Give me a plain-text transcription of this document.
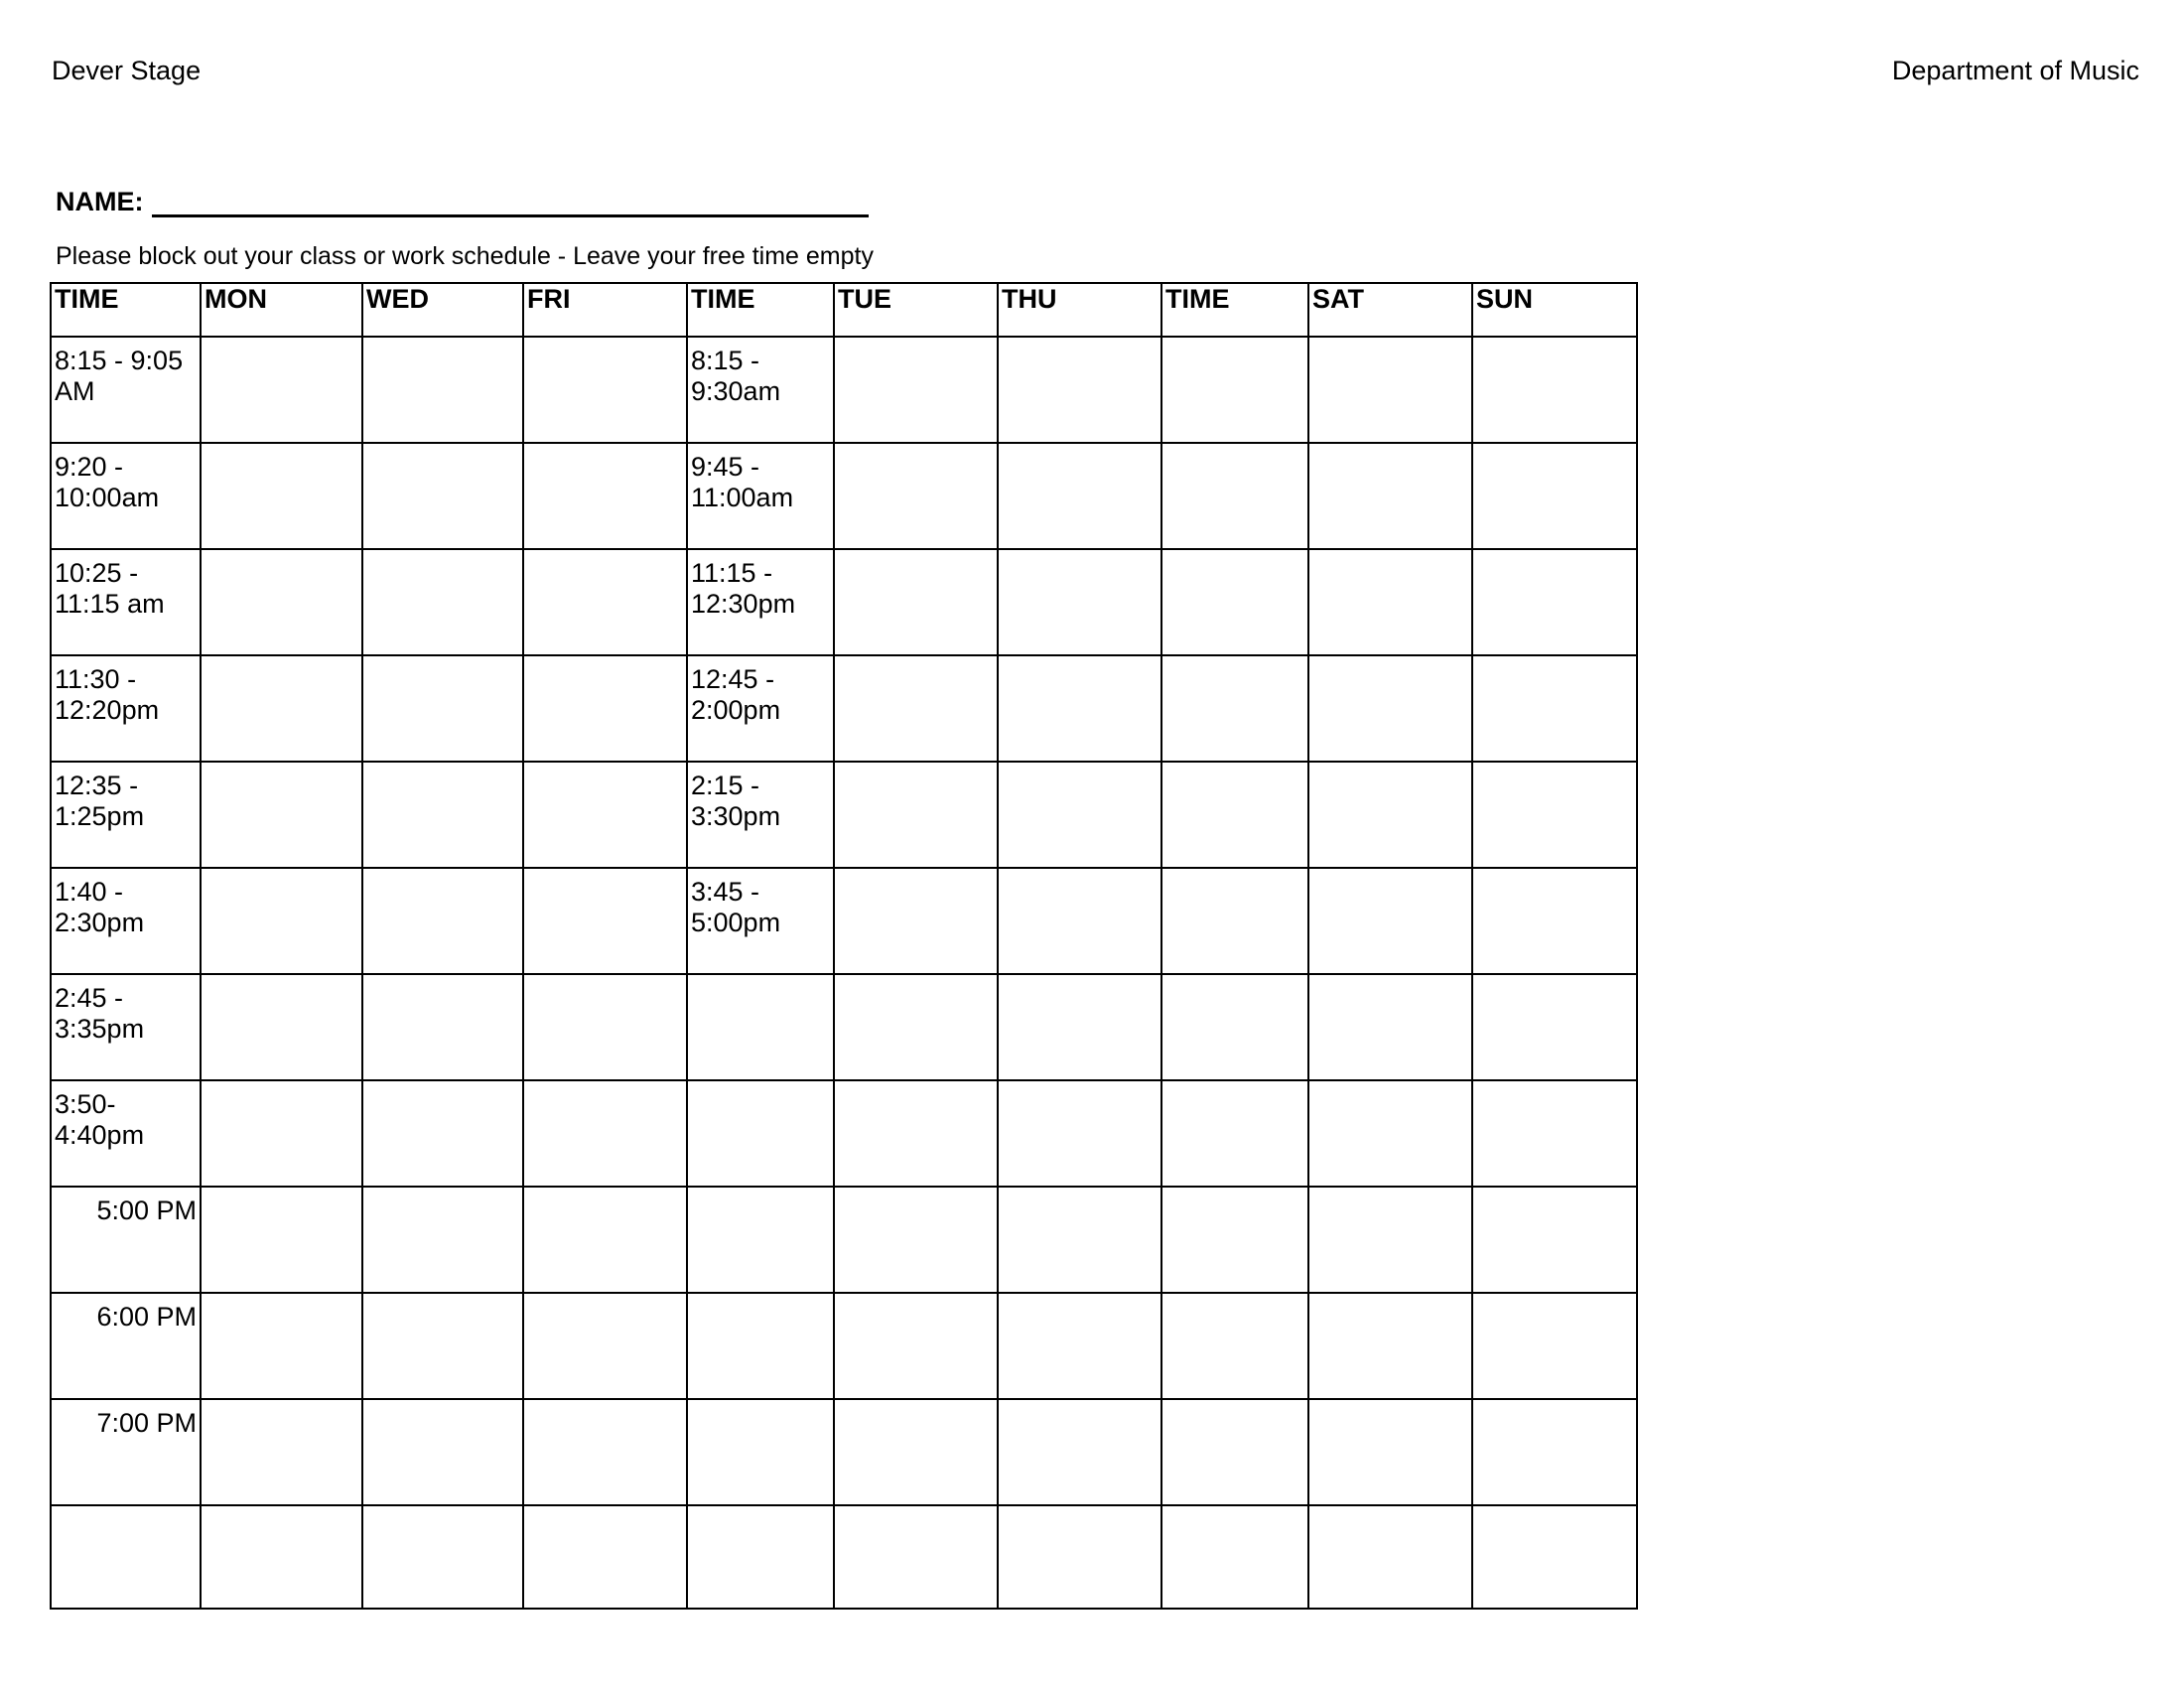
Dever Stage	Department of Music
NAME:
Please block out your class or work schedule - Leave your free time empty
TIME	MON	WED	FRI	TIME	TUE	THU	TIME	SAT	SUN
8:15 - 9:05 AM				8:15 - 9:30am					
9:20 - 10:00am				9:45 - 11:00am					
10:25 - 11:15 am				11:15 - 12:30pm					
11:30 - 12:20pm				12:45 - 2:00pm					
12:35 - 1:25pm				2:15 - 3:30pm					
1:40 - 2:30pm				3:45 - 5:00pm					
2:45 - 3:35pm									
3:50- 4:40pm									
5:00 PM									
6:00 PM									
7:00 PM									
